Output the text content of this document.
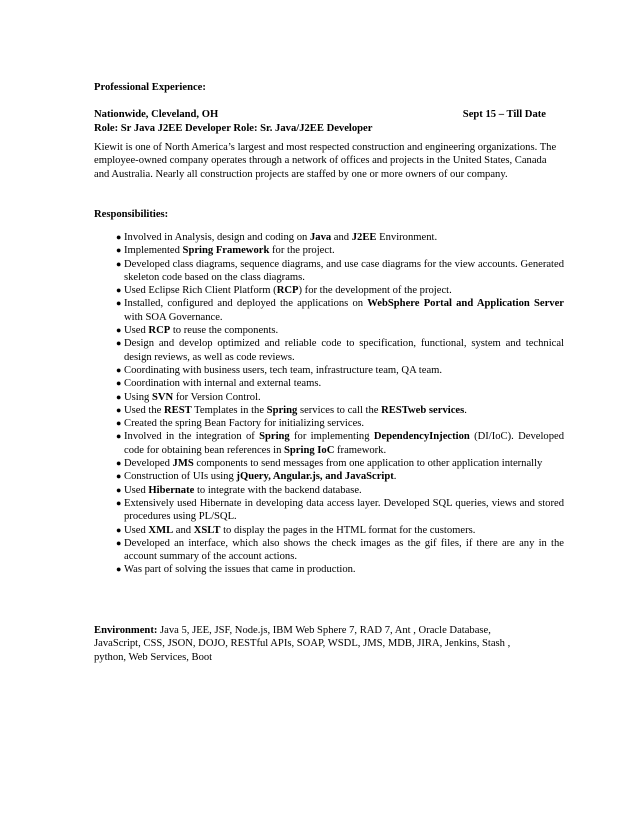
Professional Experience:
Nationwide, Cleveland, OH	Sept 15 – Till Date
Role: Sr Java J2EE Developer Role: Sr. Java/J2EE Developer
Kiewit is one of North America’s largest and most respected construction and engineering organizations. The employee-owned company operates through a network of offices and projects in the United States, Canada and Australia. Nearly all construction projects are staffed by one or more owners of our company.
Responsibilities:
● Involved in Analysis, design and coding on Java and J2EE Environment.
● Implemented Spring Framework for the project.
● Developed class diagrams, sequence diagrams, and use case diagrams for the view accounts. Generated skeleton code based on the class diagrams.
● Used Eclipse Rich Client Platform (RCP) for the development of the project.
● Installed, configured and deployed the applications on WebSphere Portal and Application Server with SOA Governance.
● Used RCP to reuse the components.
● Design and develop optimized and reliable code to specification, functional, system and technical design reviews, as well as code reviews.
● Coordinating with business users, tech team, infrastructure team, QA team.
● Coordination with internal and external teams.
● Using SVN for Version Control.
● Used the REST Templates in the Spring services to call the RESTweb services.
● Created the spring Bean Factory for initializing services.
● Involved in the integration of Spring for implementing DependencyInjection (DI/IoC). Developed code for obtaining bean references in Spring IoC framework.
● Developed JMS components to send messages from one application to other application internally
● Construction of UIs using jQuery, Angular.js, and JavaScript.
● Used Hibernate to integrate with the backend database.
● Extensively used Hibernate in developing data access layer. Developed SQL queries, views and stored procedures using PL/SQL.
● Used XML and XSLT to display the pages in the HTML format for the customers.
● Developed an interface, which also shows the check images as the gif files, if there are any in the account summary of the account actions.
● Was part of solving the issues that came in production.
Environment: Java 5, JEE, JSF, Node.js, IBM Web Sphere 7, RAD 7, Ant , Oracle Database, JavaScript, CSS, JSON, DOJO, RESTful APIs, SOAP, WSDL, JMS, MDB, JIRA, Jenkins, Stash , python, Web Services, Boot
